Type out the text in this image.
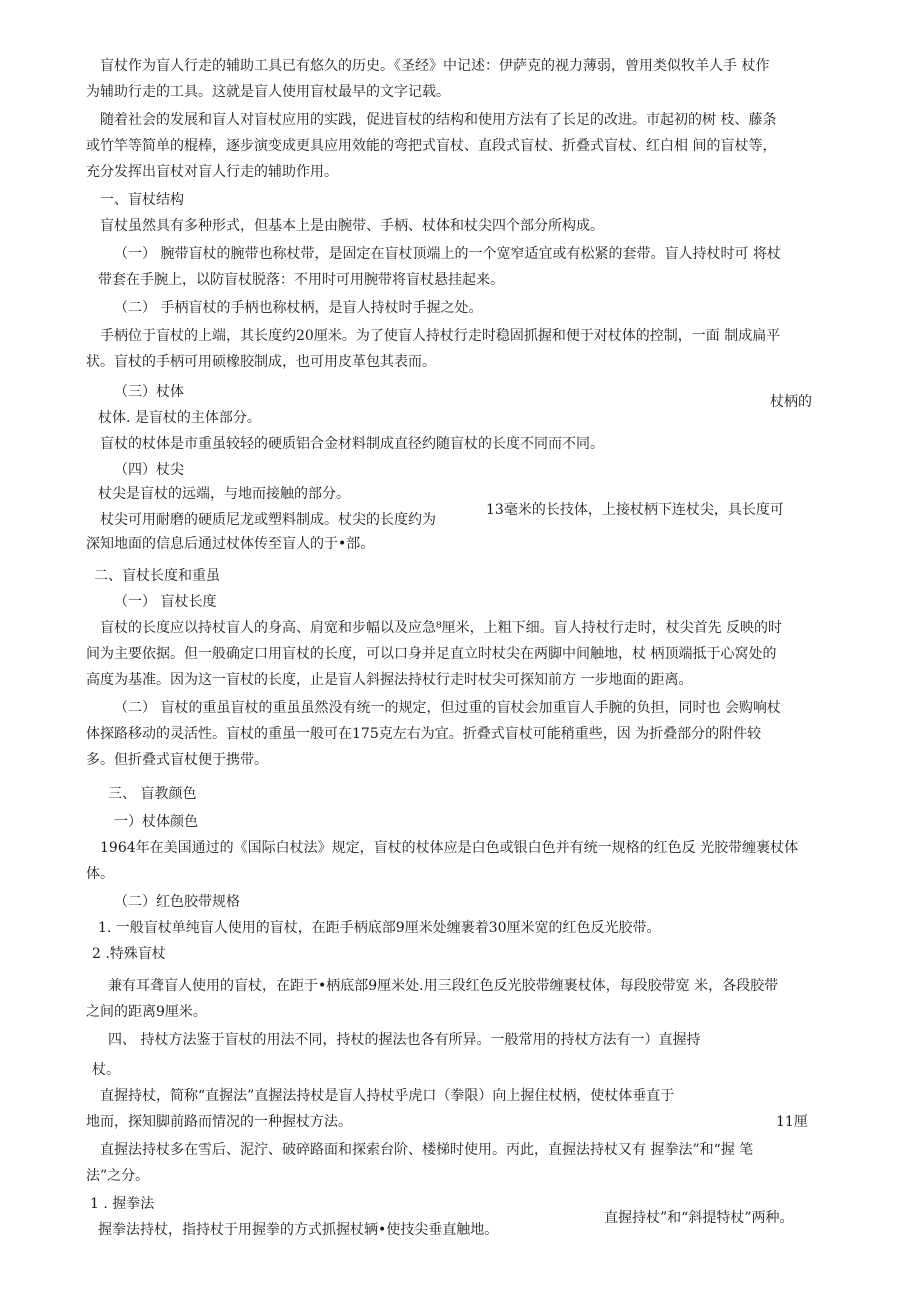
盲杖作为盲人行走的辅助工具已有悠久的历史。《圣经》中记述：伊萨克的视力薄弱，曾用类似牧羊人手 杖作
为辅助行走的工具。这就是盲人使用盲杖最早的文字记载。
随着社会的发展和盲人对盲杖应用的实践，促进盲杖的结构和使用方法有了长足的改进。市起初的树 枝、藤条
或竹竿等简单的棍棒，逐步演变成更具应用效能的弯把式盲杖、直段式盲杖、折叠式盲杖、红白相 间的盲杖等，
充分发挥出盲杖对盲人行走的辅助作用。
一、盲杖结构
盲杖虽然具有多种形式，但基本上是由腕带、手柄、杖体和杖尖四个部分所构成。
（一） 腕带盲杖的腕带也称杖带，是固定在盲杖顶端上的一个宽窄适宜或有松紧的套带。盲人持杖时可 将杖
带套在手腕上，以防盲杖脱落：不用时可用腕带将盲杖悬挂起来。
（二） 手柄盲杖的手柄也称杖柄，是盲人持杖时手握之处。
手柄位于盲杖的上端，其长度约20厘米。为了使盲人持杖行走时稳固抓握和便于对杖体的控制，一面 制成扁平
状。盲杖的手柄可用硕橡胶制成，也可用皮革包其表而。
（三）杖体
杖柄的
杖体. 是盲杖的主体部分。
盲杖的杖体是市重虽较轻的硬质铝合金材料制成直径约随盲杖的长度不同而不同。
（四）杖尖
杖尖是盲杖的远端，与地而接触的部分。
杖尖可用耐磨的硬质尼龙或塑料制成。杖尖的长度约为
13毫米的长技体，上接杖柄下连杖尖，具长度可
深知地面的信息后通过杖体传至盲人的于•部。
二、盲杖长度和重虽
（一） 盲杖长度
盲杖的长度应以持杖盲人的身高、肩宽和步幅以及应急⁸厘米，上粗下细。盲人持杖行走时，杖尖首先 反映的时
间为主要依据。但一般确定口用盲杖的长度，可以口身并足直立时杖尖在两脚中间触地，杖 柄顶端抵于心窝处的
高度为基准。因为这一盲杖的长度，止是盲人斜握法持杖行走时杖尖可探知前方 一步地面的距离。
（二） 盲杖的重虽盲杖的重虽虽然没有统一的规定，但过重的盲杖会加重盲人手腕的负担，同时也 会购响杖
体探路移动的灵活性。盲杖的重虽一般可在175克左右为宜。折叠式盲杖可能稍重些，因 为折叠部分的附件较
多。但折叠式盲杖便于携带。
三、 盲教颜色
一）杖体颜色
1964年在美国通过的《国际白杖法》规定，盲杖的杖体应是白色或银白色并有统一规格的红色反 光胶带缠裹杖体
体。
（二）红色胶带规格
1. 一般盲杖单纯盲人使用的盲杖，在距手柄底部9厘米处缠裹着30厘米宽的红色反光胶带。
2 .特殊盲杖
兼有耳聋盲人使用的盲杖，在距于•柄底部9厘米处.用三段红色反光胶带缠裹杖体，每段胶带宽 米，各段胶带
之间的距离9厘米。
四、 持杖方法鉴于盲杖的用法不同，持杖的握法也各有所异。一般常用的持杖方法有一）直握持
杖。
直握持杖，简称“直握法”直握法持杖是盲人持杖乎虎口（拳限）向上握住杖柄，使杖体垂直于
地而，探知脚前路而情况的一种握杖方法。	11厘
直握法持杖多在雪后、泥泞、破碎路面和探索台阶、楼梯时使用。丙此，直握法持杖又有 握拳法”和“握 笔
法”之分。
1 . 握拳法
直握持杖”和“斜提特杖”两种。
握拳法持杖，指持杖于用握拳的方式抓握杖辆•使技尖垂直触地。
